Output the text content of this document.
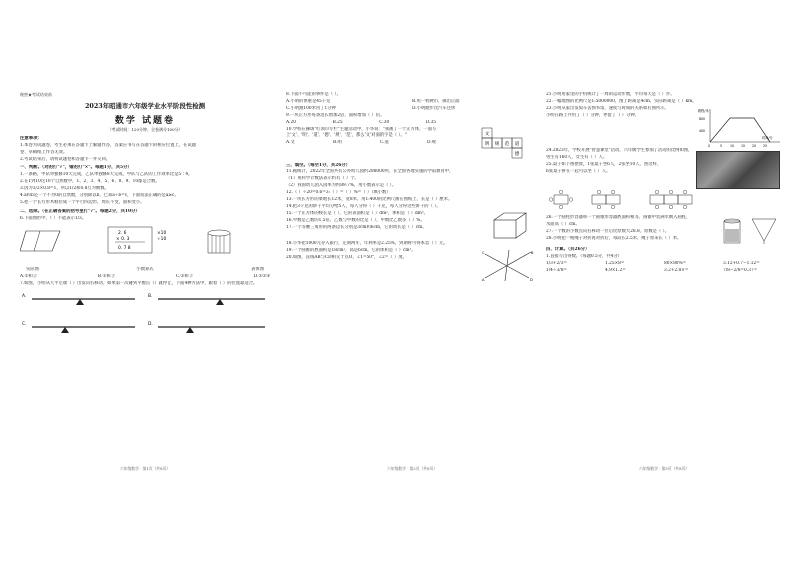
秘密★考试结束前
2023年昭通市六年级学业水平阶段性检测
数学 试题卷
（考试时间：120分钟，全卷满分100分）
注意事项：
1.本卷为试题卷，考生必须在答题卡上解题作答，答案应书写在答题卡的相应位置上，在试题
卷、草稿纸上作答无效。
2.考试结束后，请将试题卷和答题卡一并交回。
一、判断。（对的打"√"，错的打"×"。每题1分，共5分）
1.一条路，甲队单独修10天完成，乙队单独修8天完成，甲队与乙队的工作效率比是5∶4。
2.在1到10这10个自然数中，1、2、3、4、5、6、8、9、10都是合数。
3.因为1/2×0.8=1，所以1/2和0.8互为倒数。
4.a和b是一个不为0的自然数，分别除以b，已知a÷b=c，下面说法正确的是a≥c。
5.把一个长方形木框拉成一个平行四边形，周长不变，面积变小。
二、选择。（在正确答案的括号里打"√"。每题2分，共10分）
6.下面图形中，（ ）不能表示1/3。
2. 6
× 0. 3
0. 7 8
×10
÷10
实际图	小数算式	表体图
A.①和②	B.①和③	C.②和③	D.①②③
7.如图，小明从天平左端（ ）出发向右移动，如果第一次碰到平衡点（）就停止，下面4种方法中，跟着（ ）的位置最适合。
A.	B.
C.	D.
六年级数学 · 第1页（共8页）
8.下面不可能的事件是（ ）。
A.小明的体重是45千克	B.用一枚硬币，掷出正面
C.小明跑100米用了1分钟	D.小明跑步比汽车还快
9.一块正方形每条边长增加2倍，面积增加（ ）倍。
A.20	B.25	C.30	D.35
10.学校在操场"红领巾专栏"主题活动中，小华说："我画了一个正方体，一面写上'文'、'明'、'道'、'德'、'规'、'范'，那么'文'对面的字是（ ）。"
A.文	B.明	C.道	D.规
文
明 规 范 道
德
三、填空。（每空1分，共26分）
11.据统计，2022年全国共有公办幼儿园约288000所，在全国各地实施的学前教育中，
（1）用科学计数法表示约有（ ）个。
（2）我国幼儿园入园率为约89.7%，用小数表示是（ ）。
12.（ ）÷20=0.6=3:（ ）=（ ）%=（ ）（填小数）
13.一块长方形的菜地长12米，宽8米，用1:400的比例尺画在图纸上，长是（ ）厘米。
14.把3千克的饼干平均分给5人，每人分得（ ）千克，每人分得这些饼干的（ ）。
15.一个正方体的棱长是（ ），它的表面积是（ ）dm²，体积是（ ）dm³。
16.甲数是乙数的1.5倍，乙数与甲数的比是（ ），甲数比乙数多（ ）%。
17.一个等腰三角形的两条边长分别是3cm和6cm，它的周长是（ ）cm。
18.小华把1000元存入银行，定期两年，年利率是2.25%，到期时可得本息（ ）元。
19.一个圆锥的底面积是18cm²，高是6cm，它的体积是（ ）cm³。
20.如图，直线AB与CD相交于点O，∠1=50°，∠2=（ ）度。
A
B
C
D
六年级数学 · 第2页（共8页）
21.小明用家里的手机统计了一周的运动步数，平均每天是（ ）步。
22.一幅地图的比例尺是1:5000000，图上距离是4cm，实际距离是（ ）km。
23.小明从家出发骑车去图书馆，速度与时间的关系如右图所示，
小明在路上共用了（ ）分钟，停留了（ ）分钟。
路程/米
800
400
0	5 10 15 20 25
时间/分
24.2023年，学校开展"智慧课堂"活动，六年级学生参加了活动的比例如图，
男生有160人，女生有（ ）人。
25.桌子如下图摆放，1张桌子坐6人，2张坐10人，照这样，
n张桌子拼在一起可以坐（ ）人。
26.一个圆柱形容器和一个圆锥形容器底面积相等，圆锥中装满水倒入圆柱，
水面高（ ）cm。
27.一个数的小数点向右移动一位后比原数大28.8，原数是（ ）。
28.小明把一根绳子对折再对折后，每段长2.5米，绳子原来长（ ）米。
四、计算。（共26分）
1.直接写出得数。（每题0.5分，共4分）
1/3+2/3=	1.25×8=	80×80%=	3.12+0.7−1.12=
1/4÷3/8=	4.9×1.2=	3.2+2.8×=	7/8−2/8=0.37=
六年级数学 · 第3页（共8页）
